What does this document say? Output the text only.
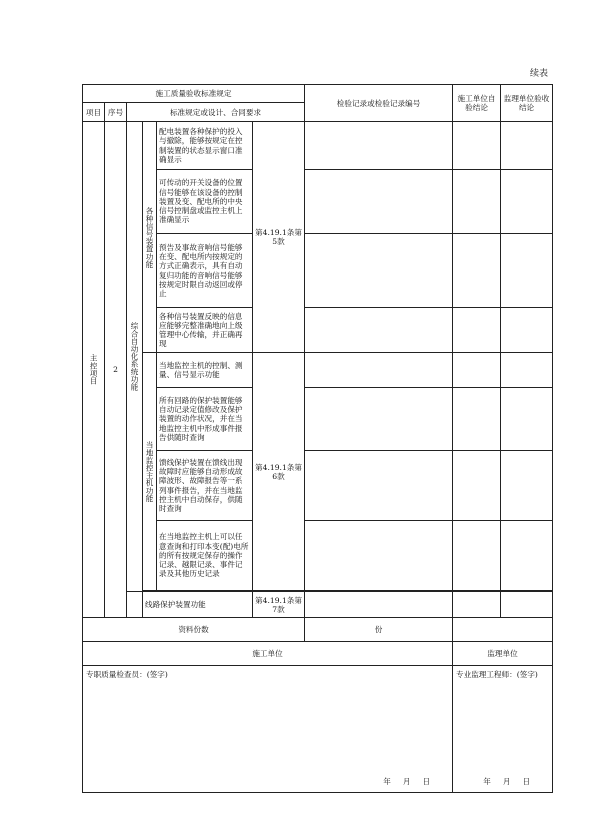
续表
施工质量验收标准规定						检验记录或检验记录编号	施工单位自验结论	监理单位验收结论
项目	序号	标准规定或设计、合同要求						
主控项目	2	综合自动化系统功能	各种信号装置功能	配电装置各种保护的投入与撤除，能够按规定在控制装置的状态显示窗口准确显示	第4.19.1条第5款			
				可传动的开关设备的位置信号能够在该设备的控制装置及变、配电所的中央信号控制盘或监控主机上准确显示				
				预告及事故音响信号能够在变、配电所内按规定的方式正确表示，具有自动复归功能的音响信号能够按规定时限自动返回或停止				
				各种信号装置反映的信息应能够完整准确地向上级管理中心传输，并正确再现				
			当地监控主机功能	当地监控主机的控制、测量、信号显示功能	第4.19.1条第6款			
				所有回路的保护装置能够自动记录定值修改及保护装置的动作状况，并在当地监控主机中形成事件报告供随时查询				
				馈线保护装置在馈线出现故障时应能够自动形成故障波形、故障报告等一系列事件报告，并在当地监控主机中自动保存，供随时查询				
				在当地监控主机上可以任意查询和打印本变(配)电所的所有按规定保存的操作记录、越限记录、事件记录及其他历史记录				

			线路保护装置功能		第4.19.1条第7款			
资料份数						份		
施工单位							监理单位	
专职质量检查员：(签字)
年 月 日							专业监理工程师：(签字)
年 月 日	
